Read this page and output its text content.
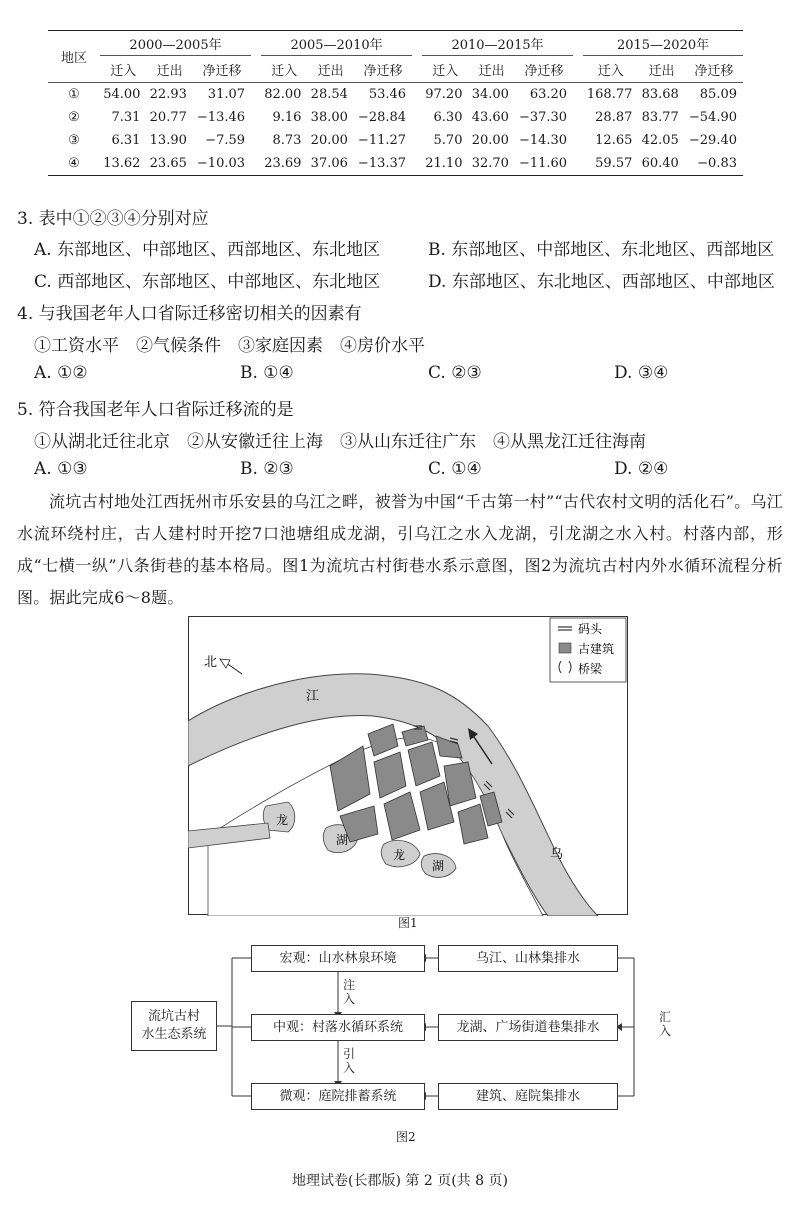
地区	2000—2005年				2005—2010年				2010—2015年				2015—2020年		
	迁入	迁出	净迁移		迁入	迁出	净迁移		迁入	迁出	净迁移		迁入	迁出	净迁移
①	54.00	22.93	31.07		82.00	28.54	53.46		97.20	34.00	63.20		168.77	83.68	85.09
②	7.31	20.77	−13.46		9.16	38.00	−28.84		6.30	43.60	−37.30		28.87	83.77	−54.90
③	6.31	13.90	−7.59		8.73	20.00	−11.27		5.70	20.00	−14.30		12.65	42.05	−29.40
④	13.62	23.65	−10.03		23.69	37.06	−13.37		21.10	32.70	−11.60		59.57	60.40	−0.83
3. 表中①②③④分别对应
A. 东部地区、中部地区、西部地区、东北地区	B. 东部地区、中部地区、东北地区、西部地区
C. 西部地区、东部地区、中部地区、东北地区	D. 东部地区、东北地区、西部地区、中部地区
4. 与我国老年人口省际迁移密切相关的因素有
①工资水平　②气候条件　③家庭因素　④房价水平
A. ①②	B. ①④	C. ②③	D. ③④
5. 符合我国老年人口省际迁移流的是
①从湖北迁往北京　②从安徽迁往上海　③从山东迁往广东　④从黑龙江迁往海南
A. ①③	B. ②③	C. ①④	D. ②④
流坑古村地处江西抚州市乐安县的乌江之畔，被誉为中国“千古第一村”“古代农村文明的活化石”。乌江水流环绕村庄，古人建村时开挖7口池塘组成龙湖，引乌江之水入龙湖，引龙湖之水入村。村落内部，形成“七横一纵”八条街巷的基本格局。图1为流坑古村街巷水系示意图，图2为流坑古村内外水循环流程分析图。据此完成6～8题。
北
江
乌
龙
湖
龙
湖
码头
古建筑
桥梁
图1
流坑古村
水生态系统
宏观：山水林泉环境
中观：村落水循环系统
微观：庭院排蓄系统
乌江、山林集排水
龙湖、广场街道巷集排水
建筑、庭院集排水
注入
引入
汇入
图2
地理试卷(长郡版) 第 2 页(共 8 页)
